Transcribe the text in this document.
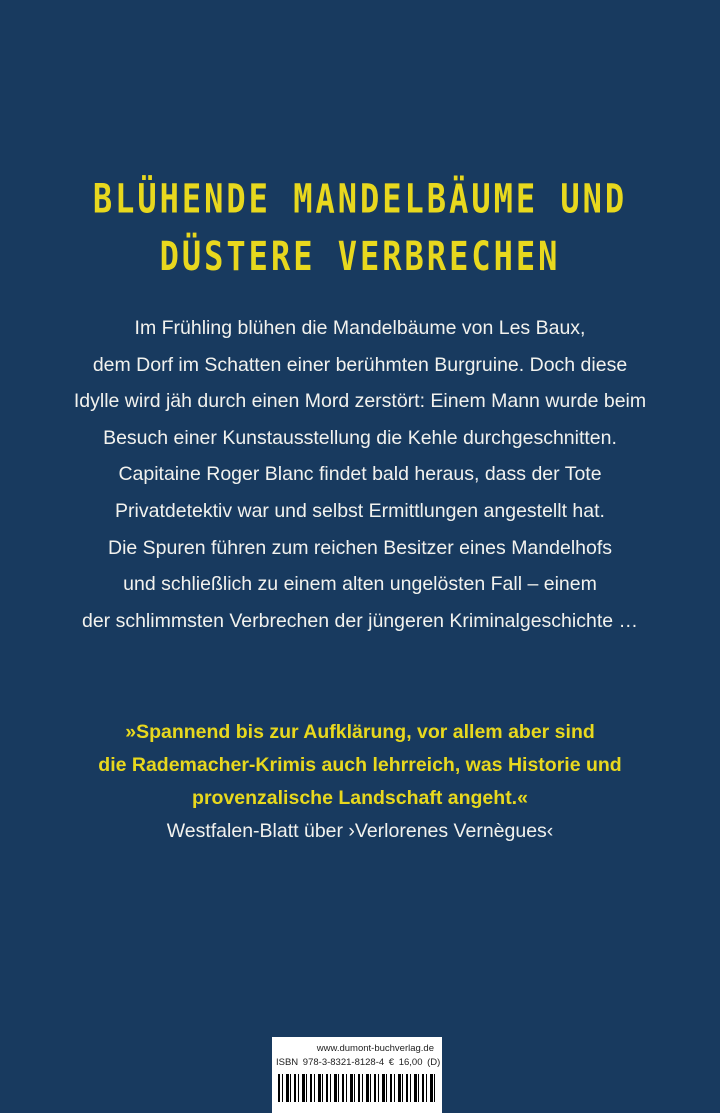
BLÜHENDE MANDELBÄUME UND
DÜSTERE VERBRECHEN
Im Frühling blühen die Mandelbäume von Les Baux,
dem Dorf im Schatten einer berühmten Burgruine. Doch diese
Idylle wird jäh durch einen Mord zerstört: Einem Mann wurde beim
Besuch einer Kunstausstellung die Kehle durchgeschnitten.
Capitaine Roger Blanc findet bald heraus, dass der Tote
Privatdetektiv war und selbst Ermittlungen angestellt hat.
Die Spuren führen zum reichen Besitzer eines Mandelhofs
und schließlich zu einem alten ungelösten Fall – einem
der schlimmsten Verbrechen der jüngeren Kriminalgeschichte …
»Spannend bis zur Aufklärung, vor allem aber sind
die Rademacher-Krimis auch lehrreich, was Historie und
provenzalische Landschaft angeht.«
Westfalen-Blatt über ›Verlorenes Vernègues‹
www.dumont-buchverlag.de
ISBN 978-3-8321-8128-4 € 16,00 (D)
